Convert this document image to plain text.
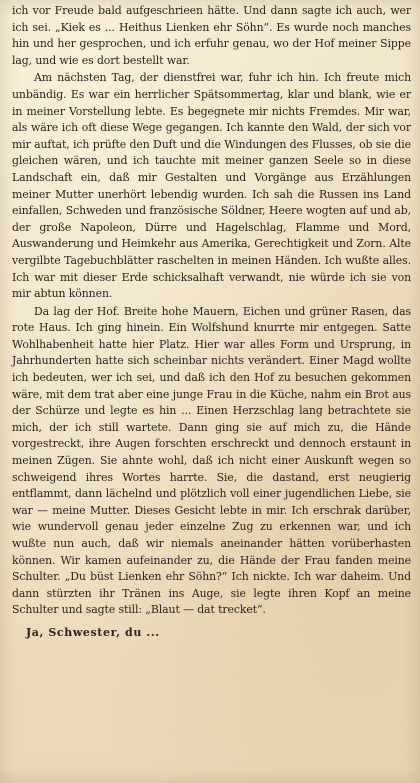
ich vor Freude bald aufgeschrieen hätte. Und dann sagte ich auch, wer ich sei. „Kiek es ... Heithus Lienken ehr Söhn“. Es wurde noch manches hin und her gesprochen, und ich erfuhr genau, wo der Hof meiner Sippe lag, und wie es dort bestellt war.

Am nächsten Tag, der dienstfrei war, fuhr ich hin. Ich freute mich unbändig. Es war ein herrlicher Spätsommertag, klar und blank, wie er in meiner Vorstellung lebte. Es begegnete mir nichts Fremdes. Mir war, als wäre ich oft diese Wege gegangen. Ich kannte den Wald, der sich vor mir auftat, ich prüfte den Duft und die Windungen des Flusses, ob sie die gleichen wären, und ich tauchte mit meiner ganzen Seele so in diese Landschaft ein, daß mir Gestalten und Vorgänge aus Erzählungen meiner Mutter unerhört lebendig wurden. Ich sah die Russen ins Land einfallen, Schweden und französische Söldner, Heere wogten auf und ab, der große Napoleon, Dürre und Hagelschlag, Flamme und Mord, Auswanderung und Heimkehr aus Amerika, Gerechtigkeit und Zorn. Alte vergilbte Tagebuchblätter raschelten in meinen Händen. Ich wußte alles. Ich war mit dieser Erde schicksalhaft verwandt, nie würde ich sie von mir abtun können.

Da lag der Hof. Breite hohe Mauern, Eichen und grüner Rasen, das rote Haus. Ich ging hinein. Ein Wolfshund knurrte mir entgegen. Satte Wohlhabenheit hatte hier Platz. Hier war alles Form und Ursprung, in Jahrhunderten hatte sich scheinbar nichts verändert. Einer Magd wollte ich bedeuten, wer ich sei, und daß ich den Hof zu besuchen gekommen wäre, mit dem trat aber eine junge Frau in die Küche, nahm ein Brot aus der Schürze und legte es hin ... Einen Herzschlag lang betrachtete sie mich, der ich still wartete. Dann ging sie auf mich zu, die Hände vorgestreckt, ihre Augen forschten erschreckt und dennoch erstaunt in meinen Zügen. Sie ahnte wohl, daß ich nicht einer Auskunft wegen so schweigend ihres Wortes harrte. Sie, die dastand, erst neugierig entflammt, dann lächelnd und plötzlich voll einer jugendlichen Liebe, sie war — meine Mutter. Dieses Gesicht lebte in mir. Ich erschrak darüber, wie wundervoll genau jeder einzelne Zug zu erkennen war, und ich wußte nun auch, daß wir niemals aneinander hätten vorüberhasten können. Wir kamen aufeinander zu, die Hände der Frau fanden meine Schulter. „Du büst Lienken ehr Söhn?“ Ich nickte. Ich war daheim. Und dann stürzten ihr Tränen ins Auge, sie legte ihren Kopf an meine Schulter und sagte still: „Blaut — dat trecket“.

Ja, Schwester, du ...
